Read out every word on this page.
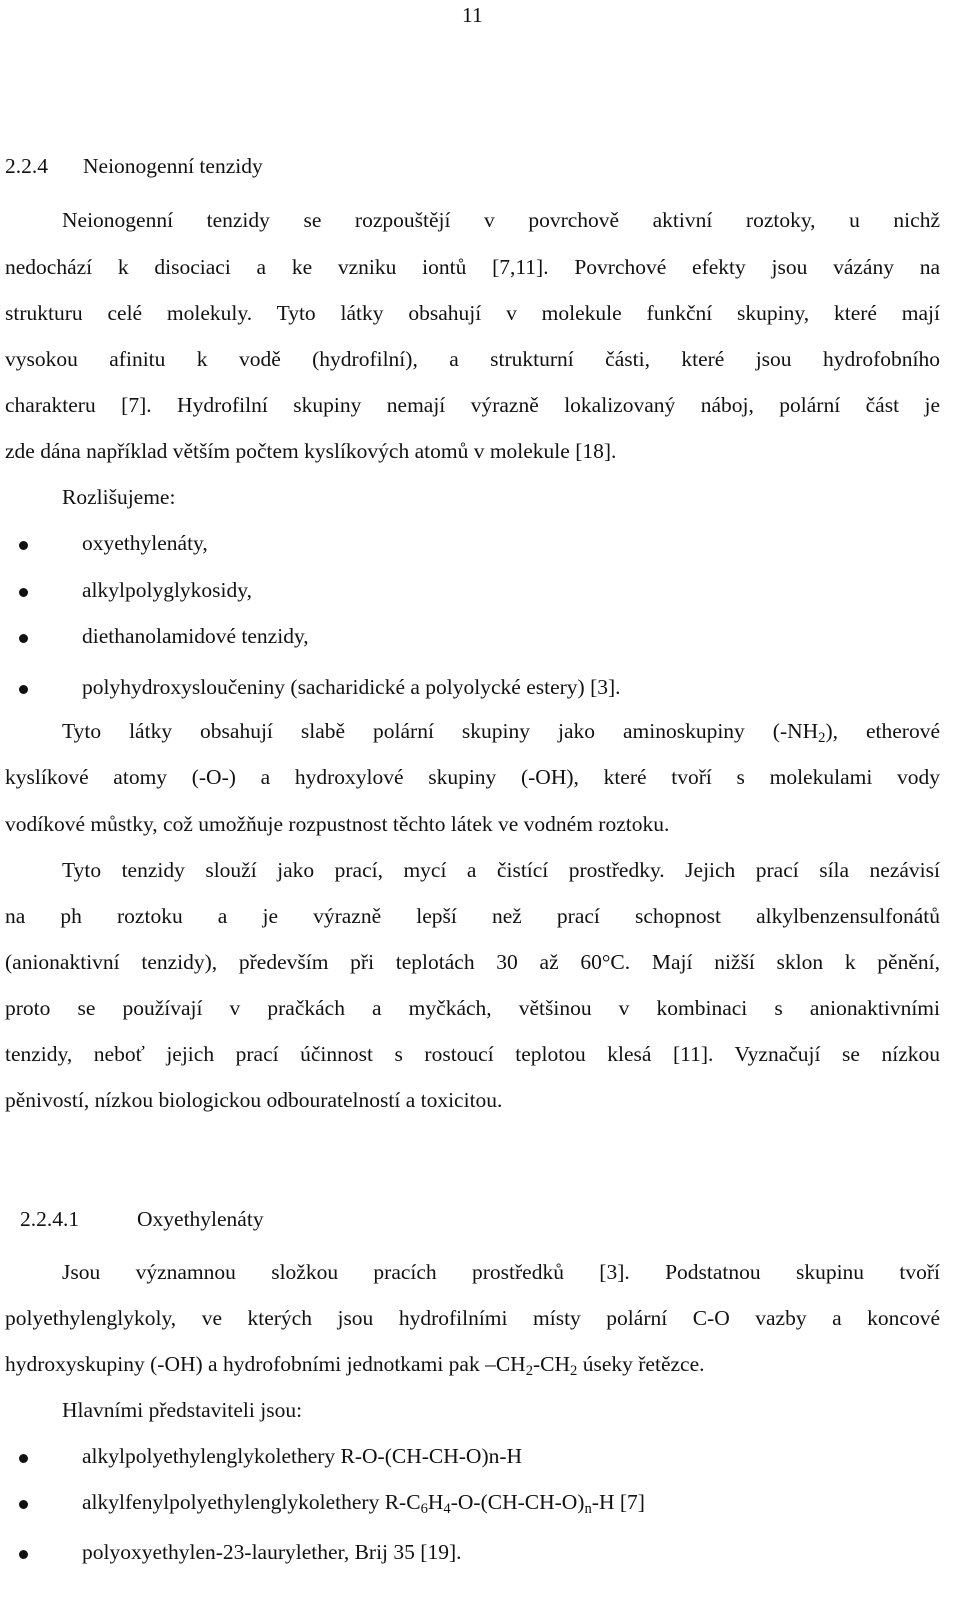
11
2.2.4 Neionogenní tenzidy
Neionogenní tenzidy se rozpouštějí v povrchově aktivní roztoky, u nichž
nedochází k disociaci a ke vzniku iontů [7,11]. Povrchové efekty jsou vázány na
strukturu celé molekuly. Tyto látky obsahují v molekule funkční skupiny, které mají
vysokou afinitu k vodě (hydrofilní), a strukturní části, které jsou hydrofobního
charakteru [7]. Hydrofilní skupiny nemají výrazně lokalizovaný náboj, polární část je
zde dána například větším počtem kyslíkových atomů v molekule [18].
Rozlišujeme:
oxyethylenáty,
alkylpolyglykosidy,
diethanolamidové tenzidy,
polyhydroxysloučeniny (sacharidické a polyolycké estery) [3].
Tyto látky obsahují slabě polární skupiny jako aminoskupiny $(-NH_2)$, etherové
kyslíkové atomy (-O-) a hydroxylové skupiny (-OH), které tvoří s molekulami vody
vodíkové můstky, což umožňuje rozpustnost těchto látek ve vodném roztoku.
Tyto tenzidy slouží jako prací, mycí a čistící prostředky. Jejich prací síla nezávisí
na ph roztoku a je výrazně lepší než prací schopnost alkylbenzensulfonátů
(anionaktivní tenzidy), především při teplotách 30 až 60°C. Mají nižší sklon k pěnění,
proto se používají v pračkách a myčkách, většinou v kombinaci s anionaktivními
tenzidy, neboť jejich prací účinnost s rostoucí teplotou klesá [11]. Vyznačují se nízkou
pěnivostí, nízkou biologickou odbouratelností a toxicitou.
2.2.4.1	Oxyethylenáty
Jsou významnou složkou pracích prostředků [3]. Podstatnou skupinu tvoří
polyethylenglykoly, ve kterých jsou hydrofilními místy polární C-O vazby a koncové
hydroxyskupiny (-OH) a hydrofobními jednotkami pak $-CH_2-CH_2$ úseky řetězce.
Hlavními představiteli jsou:
alkylpolyethylenglykolethery R-O-(CH-CH-O)n-H
alkylfenylpolyethylenglykolethery $R-C_6H_4-O-(CH-CH-O)_n-H$ [7]
polyoxyethylen-23-laurylether, Brij 35 [19].
